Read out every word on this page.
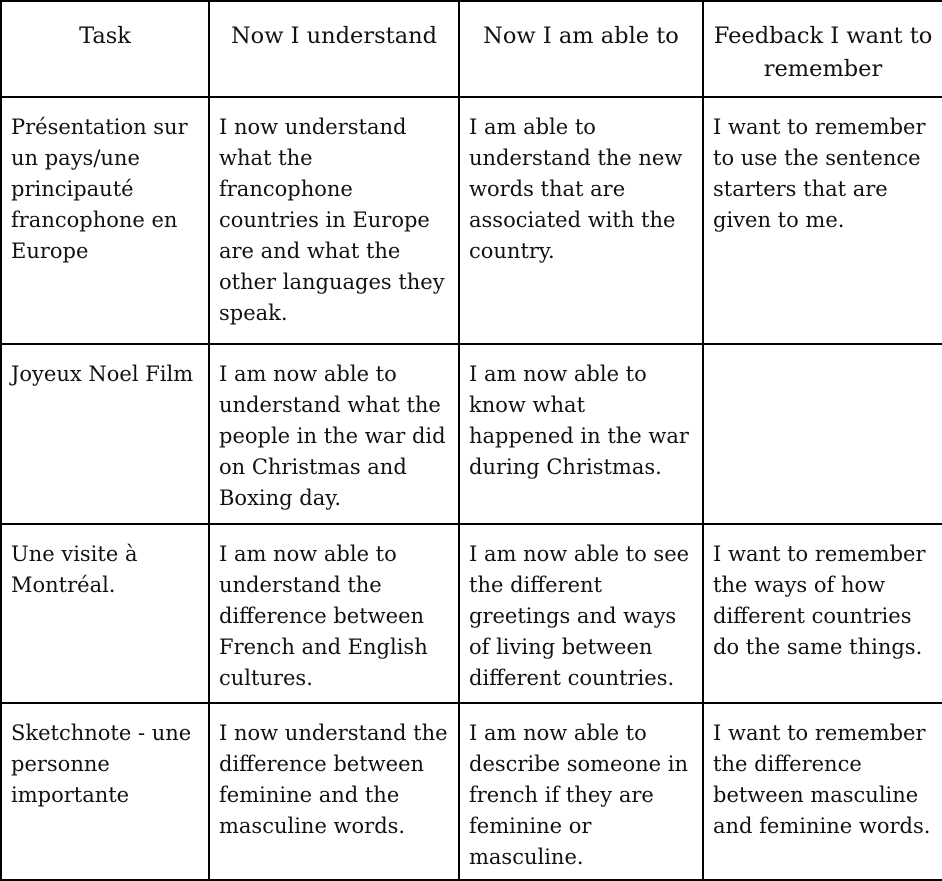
Task	Now I understand	Now I am able to	Feedback I want to remember
Présentation sur un pays/une principauté francophone en Europe	I now understand what the francophone countries in Europe are and what the other languages they speak.	I am able to understand the new words that are associated with the country.	I want to remember to use the sentence starters that are given to me.
Joyeux Noel Film	I am now able to understand what the people in the war did on Christmas and Boxing day.	I am now able to know what happened in the war during Christmas.	
Une visite à Montréal.	I am now able to understand the difference between French and English cultures.	I am now able to see the different greetings and ways of living between different countries.	I want to remember the ways of how different countries do the same things.
Sketchnote - une personne importante	I now understand the difference between feminine and the masculine words.	I am now able to describe someone in french if they are feminine or masculine.	I want to remember the difference between masculine and feminine words.
